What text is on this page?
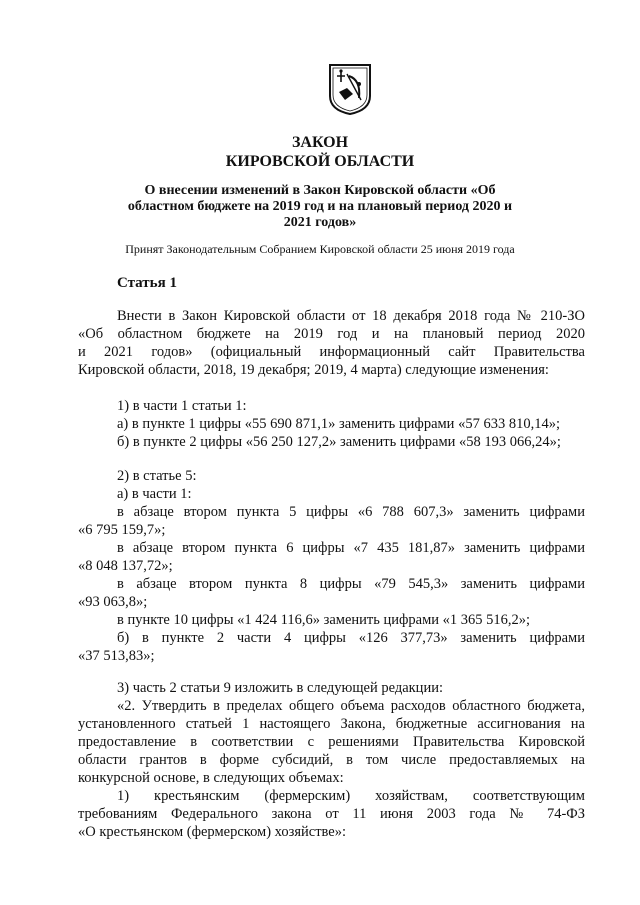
ЗАКОН
КИРОВСКОЙ ОБЛАСТИ
О внесении изменений в Закон Кировской области «Об областном бюджете на 2019 год и на плановый период 2020 и 2021 годов»
Принят Законодательным Собранием Кировской области 25 июня 2019 года
Статья 1
Внести в Закон Кировской области от 18 декабря 2018 года № 210-ЗО
«Об областном бюджете на 2019 год и на плановый период 2020
и 2021 годов» (официальный информационный сайт Правительства
Кировской области, 2018, 19 декабря; 2019, 4 марта) следующие изменения:
1) в части 1 статьи 1:
а) в пункте 1 цифры «55 690 871,1» заменить цифрами «57 633 810,14»;
б) в пункте 2 цифры «56 250 127,2» заменить цифрами «58 193 066,24»;
2) в статье 5:
а) в части 1:
в абзаце втором пункта 5 цифры «6 788 607,3» заменить цифрами
«6 795 159,7»;
в абзаце втором пункта 6 цифры «7 435 181,87» заменить цифрами
«8 048 137,72»;
в абзаце втором пункта 8 цифры «79 545,3» заменить цифрами
«93 063,8»;
в пункте 10 цифры «1 424 116,6» заменить цифрами «1 365 516,2»;
б) в пункте 2 части 4 цифры «126 377,73» заменить цифрами
«37 513,83»;
3) часть 2 статьи 9 изложить в следующей редакции:
«2. Утвердить в пределах общего объема расходов областного бюджета,
установленного статьей 1 настоящего Закона, бюджетные ассигнования на
предоставление в соответствии с решениями Правительства Кировской
области грантов в форме субсидий, в том числе предоставляемых на
конкурсной основе, в следующих объемах:
1) крестьянским (фермерским) хозяйствам, соответствующим
требованиям Федерального закона от 11 июня 2003 года № 74-ФЗ
«О крестьянском (фермерском) хозяйстве»:
